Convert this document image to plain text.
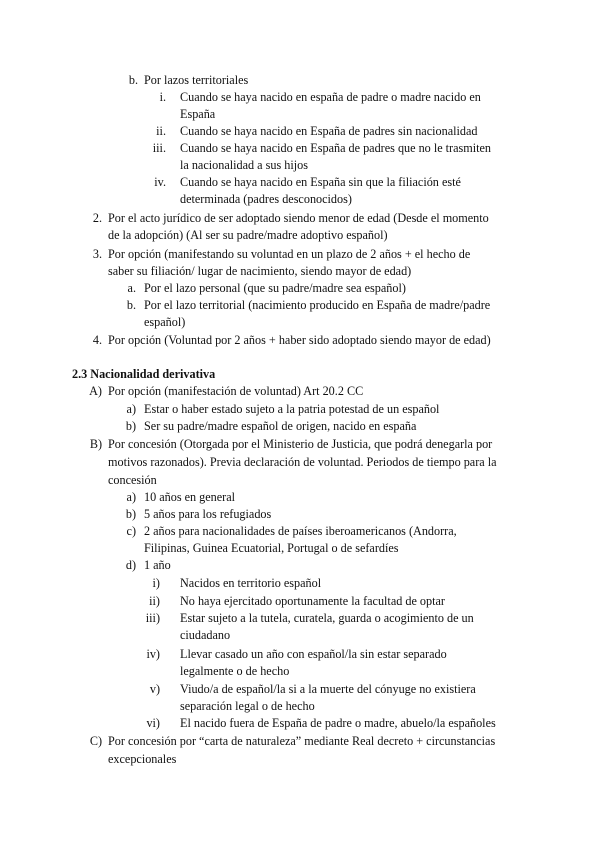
b. Por lazos territoriales
i. Cuando se haya nacido en españa de padre o madre nacido en
España
ii. Cuando se haya nacido en España de padres sin nacionalidad
iii. Cuando se haya nacido en España de padres que no le trasmiten
la nacionalidad a sus hijos
iv. Cuando se haya nacido en España sin que la filiación esté
determinada (padres desconocidos)
2. Por el acto jurídico de ser adoptado siendo menor de edad (Desde el momento
de la adopción) (Al ser su padre/madre adoptivo español)
3. Por opción (manifestando su voluntad en un plazo de 2 años + el hecho de
saber su filiación/ lugar de nacimiento, siendo mayor de edad)
a. Por el lazo personal (que su padre/madre sea español)
b. Por el lazo territorial (nacimiento producido en España de madre/padre
español)
4. Por opción (Voluntad por 2 años + haber sido adoptado siendo mayor de edad)
2.3 Nacionalidad derivativa
A) Por opción (manifestación de voluntad) Art 20.2 CC
a) Estar o haber estado sujeto a la patria potestad de un español
b) Ser su padre/madre español de origen, nacido en españa
B) Por concesión (Otorgada por el Ministerio de Justicia, que podrá denegarla por
motivos razonados). Previa declaración de voluntad. Periodos de tiempo para la
concesión
a) 10 años en general
b) 5 años para los refugiados
c) 2 años para nacionalidades de países iberoamericanos (Andorra,
Filipinas, Guinea Ecuatorial, Portugal o de sefardíes
d) 1 año
i) Nacidos en territorio español
ii) No haya ejercitado oportunamente la facultad de optar
iii) Estar sujeto a la tutela, curatela, guarda o acogimiento de un
ciudadano
iv) Llevar casado un año con español/la sin estar separado
legalmente o de hecho
v) Viudo/a de español/la si a la muerte del cónyuge no existiera
separación legal o de hecho
vi) El nacido fuera de España de padre o madre, abuelo/la españoles
C) Por concesión por “carta de naturaleza” mediante Real decreto + circunstancias
excepcionales
